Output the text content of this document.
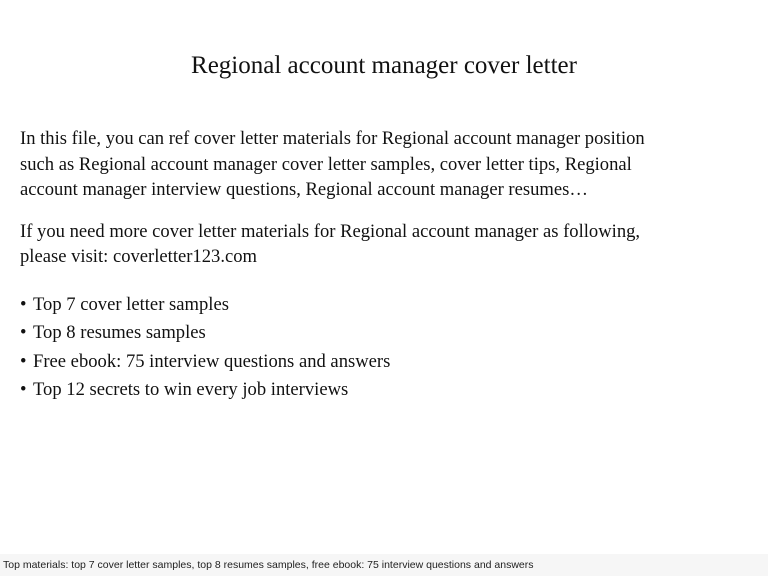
Regional account manager cover letter

In this file, you can ref cover letter materials for Regional account manager position
such as Regional account manager cover letter samples, cover letter tips, Regional
account manager interview questions, Regional account manager resumes…

If you need more cover letter materials for Regional account manager as following,
please visit: coverletter123.com

• Top 7 cover letter samples
• Top 8 resumes samples
• Free ebook: 75 interview questions and answers
• Top 12 secrets to win every job interviews
Top materials: top 7 cover letter samples, top 8 resumes samples, free ebook: 75 interview questions and answers
